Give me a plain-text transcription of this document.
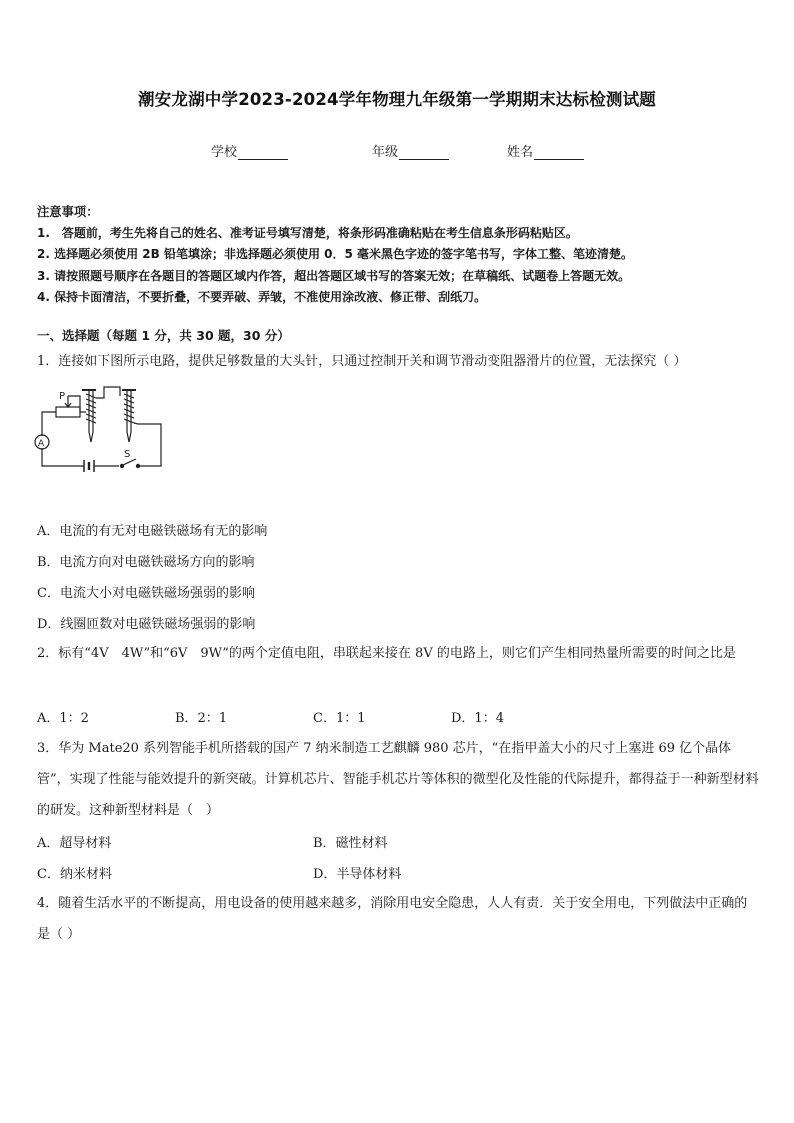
潮安龙湖中学2023-2024学年物理九年级第一学期期末达标检测试题
学校	年级	姓名
注意事项：
1.　答题前，考生先将自己的姓名、准考证号填写清楚，将条形码准确粘贴在考生信息条形码粘贴区。
2. 选择题必须使用 2B 铅笔填涂；非选择题必须使用 0．5 毫米黑色字迹的签字笔书写，字体工整、笔迹清楚。
3. 请按照题号顺序在各题目的答题区域内作答，超出答题区域书写的答案无效；在草稿纸、试题卷上答题无效。
4. 保持卡面清洁，不要折叠，不要弄破、弄皱，不准使用涂改液、修正带、刮纸刀。
一、选择题（每题 1 分，共 30 题，30 分）
1．连接如下图所示电路，提供足够数量的大头针，只通过控制开关和调节滑动变阻器滑片的位置，无法探究（ ）
P
A
S
A．电流的有无对电磁铁磁场有无的影响
B．电流方向对电磁铁磁场方向的影响
C．电流大小对电磁铁磁场强弱的影响
D．线圈匝数对电磁铁磁场强弱的影响
2．标有“4V　4W”和“6V　9W”的两个定值电阻，串联起来接在 8V 的电路上，则它们产生相同热量所需要的时间之比是
A．1：2	B．2：1	C．1：1	D．1：4
3．华为 Mate20 系列智能手机所搭载的国产 7 纳米制造工艺麒麟 980 芯片，“在指甲盖大小的尺寸上塞进 69 亿个晶体管”，实现了性能与能效提升的新突破。计算机芯片、智能手机芯片等体积的微型化及性能的代际提升，都得益于一种新型材料的研发。这种新型材料是（　）
A．超导材料	B．磁性材料
C．纳米材料	D．半导体材料
4．随着生活水平的不断提高，用电设备的使用越来越多，消除用电安全隐患，人人有责．关于安全用电，下列做法中正确的是（ ）
